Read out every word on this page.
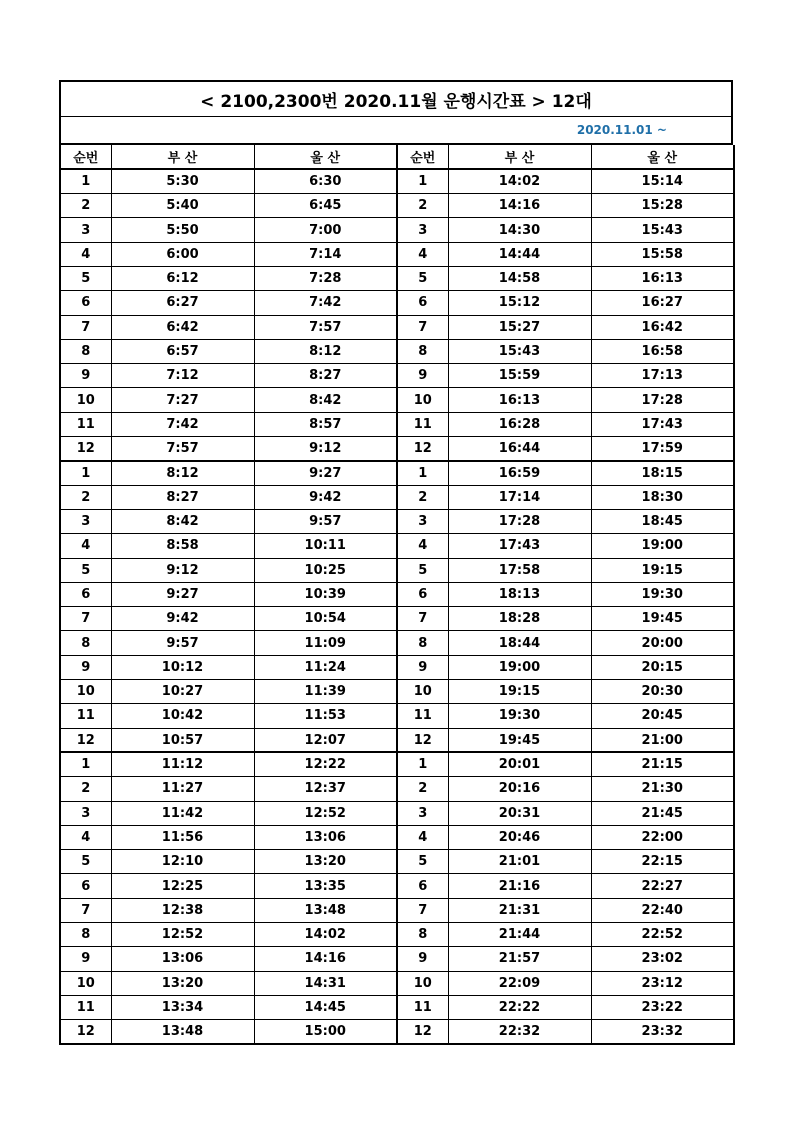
< 2100,2300번 2020.11월 운행시간표 > 12대
2020.11.01 ~
순번	부 산	울 산	순번	부 산	울 산
1	5:30	6:30	1	14:02	15:14
2	5:40	6:45	2	14:16	15:28
3	5:50	7:00	3	14:30	15:43
4	6:00	7:14	4	14:44	15:58
5	6:12	7:28	5	14:58	16:13
6	6:27	7:42	6	15:12	16:27
7	6:42	7:57	7	15:27	16:42
8	6:57	8:12	8	15:43	16:58
9	7:12	8:27	9	15:59	17:13
10	7:27	8:42	10	16:13	17:28
11	7:42	8:57	11	16:28	17:43
12	7:57	9:12	12	16:44	17:59
1	8:12	9:27	1	16:59	18:15
2	8:27	9:42	2	17:14	18:30
3	8:42	9:57	3	17:28	18:45
4	8:58	10:11	4	17:43	19:00
5	9:12	10:25	5	17:58	19:15
6	9:27	10:39	6	18:13	19:30
7	9:42	10:54	7	18:28	19:45
8	9:57	11:09	8	18:44	20:00
9	10:12	11:24	9	19:00	20:15
10	10:27	11:39	10	19:15	20:30
11	10:42	11:53	11	19:30	20:45
12	10:57	12:07	12	19:45	21:00
1	11:12	12:22	1	20:01	21:15
2	11:27	12:37	2	20:16	21:30
3	11:42	12:52	3	20:31	21:45
4	11:56	13:06	4	20:46	22:00
5	12:10	13:20	5	21:01	22:15
6	12:25	13:35	6	21:16	22:27
7	12:38	13:48	7	21:31	22:40
8	12:52	14:02	8	21:44	22:52
9	13:06	14:16	9	21:57	23:02
10	13:20	14:31	10	22:09	23:12
11	13:34	14:45	11	22:22	23:22
12	13:48	15:00	12	22:32	23:32
